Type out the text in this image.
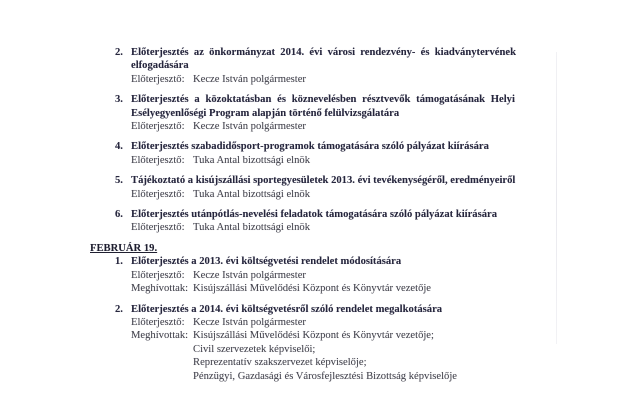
2. Előterjesztés az önkormányzat 2014. évi városi rendezvény- és kiadványtervének
elfogadására
Előterjesztő: Kecze István polgármester
3. Előterjesztés a közoktatásban és köznevelésben résztvevők támogatásának Helyi
Esélyegyenlőségi Program alapján történő felülvizsgálatára
Előterjesztő: Kecze István polgármester
4. Előterjesztés szabadidősport-programok támogatására szóló pályázat kiírására
Előterjesztő: Tuka Antal bizottsági elnök
5. Tájékoztató a kisújszállási sportegyesületek 2013. évi tevékenységéről, eredményeiről
Előterjesztő: Tuka Antal bizottsági elnök
6. Előterjesztés utánpótlás-nevelési feladatok támogatására szóló pályázat kiírására
Előterjesztő: Tuka Antal bizottsági elnök
FEBRUÁR 19.
1. Előterjesztés a 2013. évi költségvetési rendelet módosítására
Előterjesztő: Kecze István polgármester
Meghívottak: Kisújszállási Művelődési Központ és Könyvtár vezetője
2. Előterjesztés a 2014. évi költségvetésről szóló rendelet megalkotására
Előterjesztő: Kecze István polgármester
Meghívottak: Kisújszállási Művelődési Központ és Könyvtár vezetője;
Civil szervezetek képviselői;
Reprezentatív szakszervezet képviselője;
Pénzügyi, Gazdasági és Városfejlesztési Bizottság képviselője
